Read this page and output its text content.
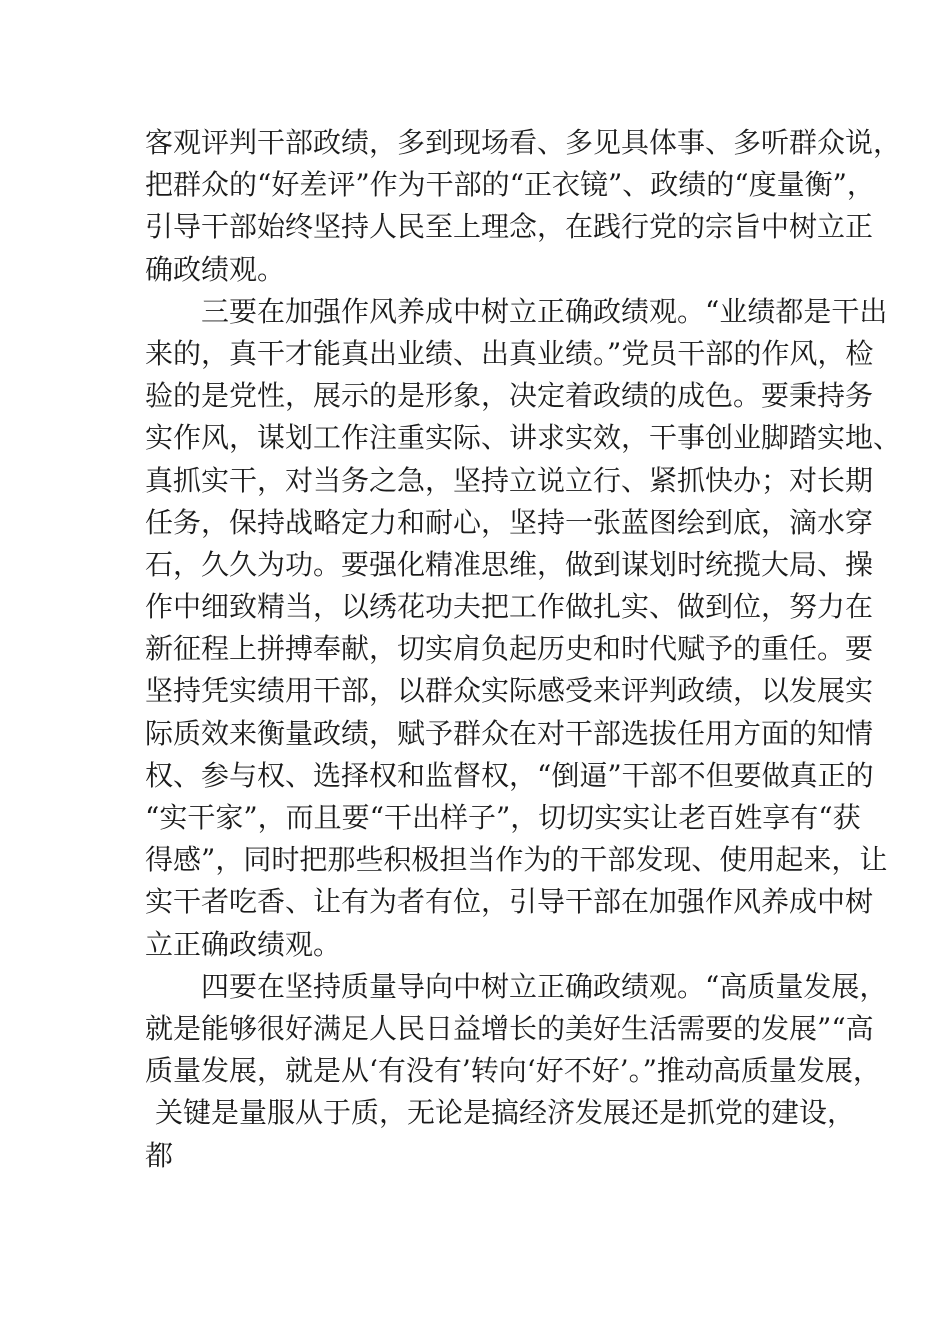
客观评判干部政绩，多到现场看、多见具体事、多听群众说，
把群众的“好差评”作为干部的“正衣镜”、政绩的“度量衡”，
引导干部始终坚持人民至上理念，在践行党的宗旨中树立正
确政绩观。
三要在加强作风养成中树立正确政绩观。“业绩都是干出
来的，真干才能真出业绩、出真业绩。”党员干部的作风，检
验的是党性，展示的是形象，决定着政绩的成色。要秉持务
实作风，谋划工作注重实际、讲求实效，干事创业脚踏实地、
真抓实干，对当务之急，坚持立说立行、紧抓快办；对长期
任务，保持战略定力和耐心，坚持一张蓝图绘到底，滴水穿
石，久久为功。要强化精准思维，做到谋划时统揽大局、操
作中细致精当，以绣花功夫把工作做扎实、做到位，努力在
新征程上拼搏奉献，切实肩负起历史和时代赋予的重任。要
坚持凭实绩用干部，以群众实际感受来评判政绩，以发展实
际质效来衡量政绩，赋予群众在对干部选拔任用方面的知情
权、参与权、选择权和监督权，“倒逼”干部不但要做真正的
“实干家”，而且要“干出样子”，切切实实让老百姓享有“获
得感”，同时把那些积极担当作为的干部发现、使用起来，让
实干者吃香、让有为者有位，引导干部在加强作风养成中树
立正确政绩观。
四要在坚持质量导向中树立正确政绩观。“高质量发展，
就是能够很好满足人民日益增长的美好生活需要的发展”“高
质量发展，就是从‘有没有’转向‘好不好’。”推动高质量发展，
关键是量服从于质，无论是搞经济发展还是抓党的建设，
都
